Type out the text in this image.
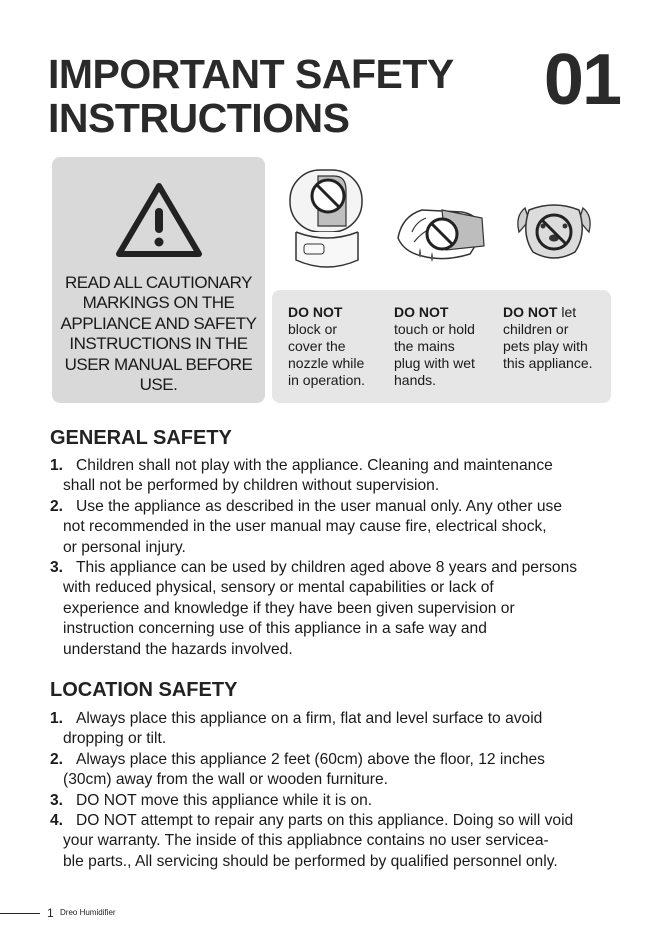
IMPORTANT SAFETY
INSTRUCTIONS	01
READ ALL CAUTIONARY
MARKINGS ON THE
APPLIANCE AND SAFETY
INSTRUCTIONS IN THE
USER MANUAL BEFORE
USE.
DO NOT
block or
cover the
nozzle while
in operation.
DO NOT
touch or hold
the mains
plug with wet
hands.
DO NOT let
children or
pets play with
this appliance.
GENERAL SAFETY
1. Children shall not play with the appliance. Cleaning and maintenance
shall not be performed by children without supervision.
2. Use the appliance as described in the user manual only. Any other use
not recommended in the user manual may cause fire, electrical shock,
or personal injury.
3. This appliance can be used by children aged above 8 years and persons
with reduced physical, sensory or mental capabilities or lack of
experience and knowledge if they have been given supervision or
instruction concerning use of this appliance in a safe way and
understand the hazards involved.
LOCATION SAFETY
1. Always place this appliance on a firm, flat and level surface to avoid
dropping or tilt.
2. Always place this appliance 2 feet (60cm) above the floor, 12 inches
(30cm) away from the wall or wooden furniture.
3. DO NOT move this appliance while it is on.
4. DO NOT attempt to repair any parts on this appliance. Doing so will void
your warranty. The inside of this appliabnce contains no user servicea-
ble parts., All servicing should be performed by qualified personnel only.
1 Dreo Humidifier
